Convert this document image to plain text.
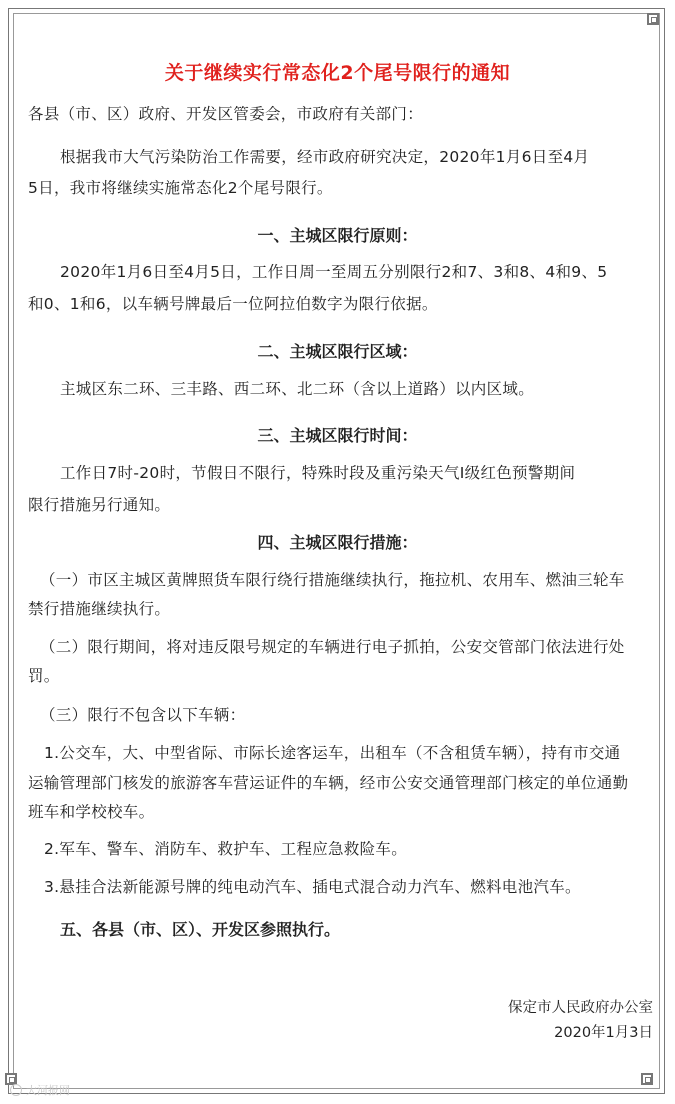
关于继续实行常态化2个尾号限行的通知
各县（市、区）政府、开发区管委会，市政府有关部门：
根据我市大气污染防治工作需要，经市政府研究决定，2020年1月6日至4月
5日，我市将继续实施常态化2个尾号限行。
一、主城区限行原则：
2020年1月6日至4月5日，工作日周一至周五分别限行2和7、3和8、4和9、5
和0、1和6，以车辆号牌最后一位阿拉伯数字为限行依据。
二、主城区限行区域：
主城区东二环、三丰路、西二环、北二环（含以上道路）以内区域。
三、主城区限行时间：
工作日7时-20时，节假日不限行，特殊时段及重污染天气I级红色预警期间
限行措施另行通知。
四、主城区限行措施：
（一）市区主城区黄牌照货车限行绕行措施继续执行，拖拉机、农用车、燃油三轮车
禁行措施继续执行。
（二）限行期间，将对违反限号规定的车辆进行电子抓拍，公安交管部门依法进行处
罚。
（三）限行不包含以下车辆：
1.公交车，大、中型省际、市际长途客运车，出租车（不含租赁车辆），持有市交通
运输管理部门核发的旅游客车营运证件的车辆，经市公安交通管理部门核定的单位通勤
班车和学校校车。
2.军车、警车、消防车、救护车、工程应急救险车。
3.悬挂合法新能源号牌的纯电动汽车、插电式混合动力汽车、燃料电池汽车。
五、各县（市、区）、开发区参照执行。
保定市人民政府办公室
2020年1月3日
大河报网
